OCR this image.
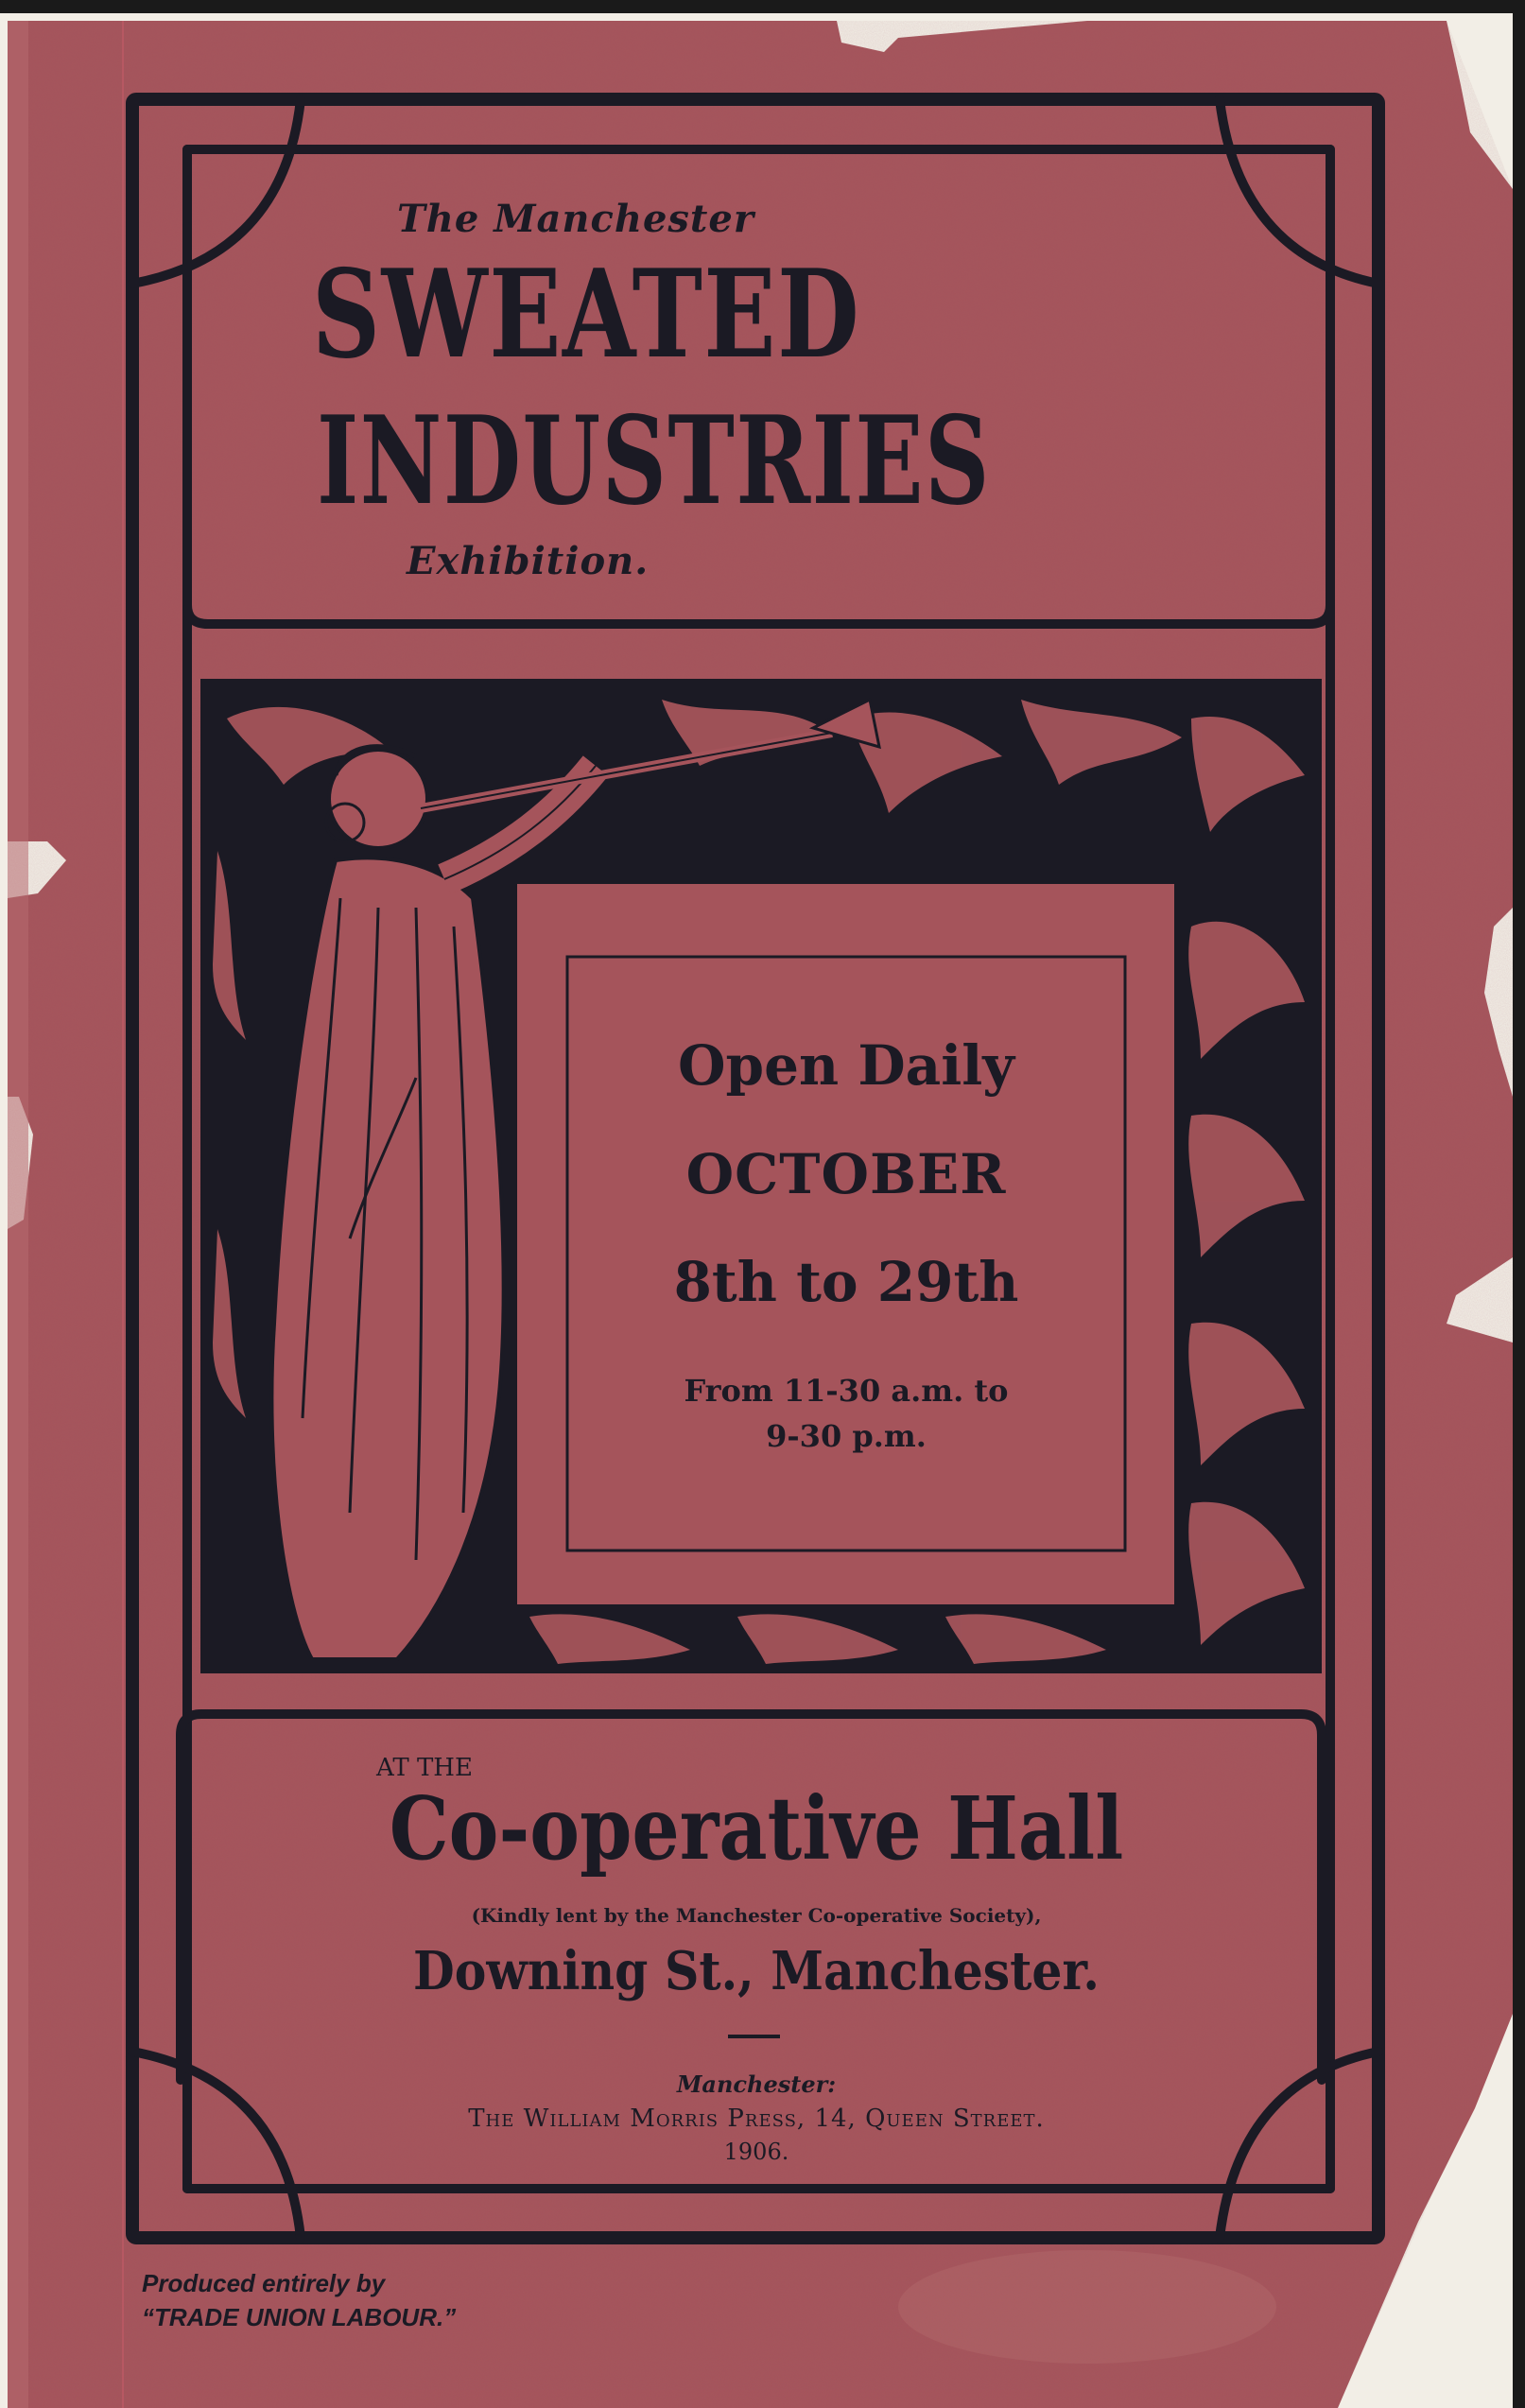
The Manchester
SWEATED
INDUSTRIES
Exhibition.
Open Daily
OCTOBER
8th to 29th
From 11-30 a.m. to
9-30 p.m.
AT THE
Co-operative Hall
(Kindly lent by the Manchester Co-operative Society),
Downing St., Manchester.
Manchester:
The William Morris Press, 14, Queen Street.
1906.
Produced entirely by
“TRADE UNION LABOUR.”
